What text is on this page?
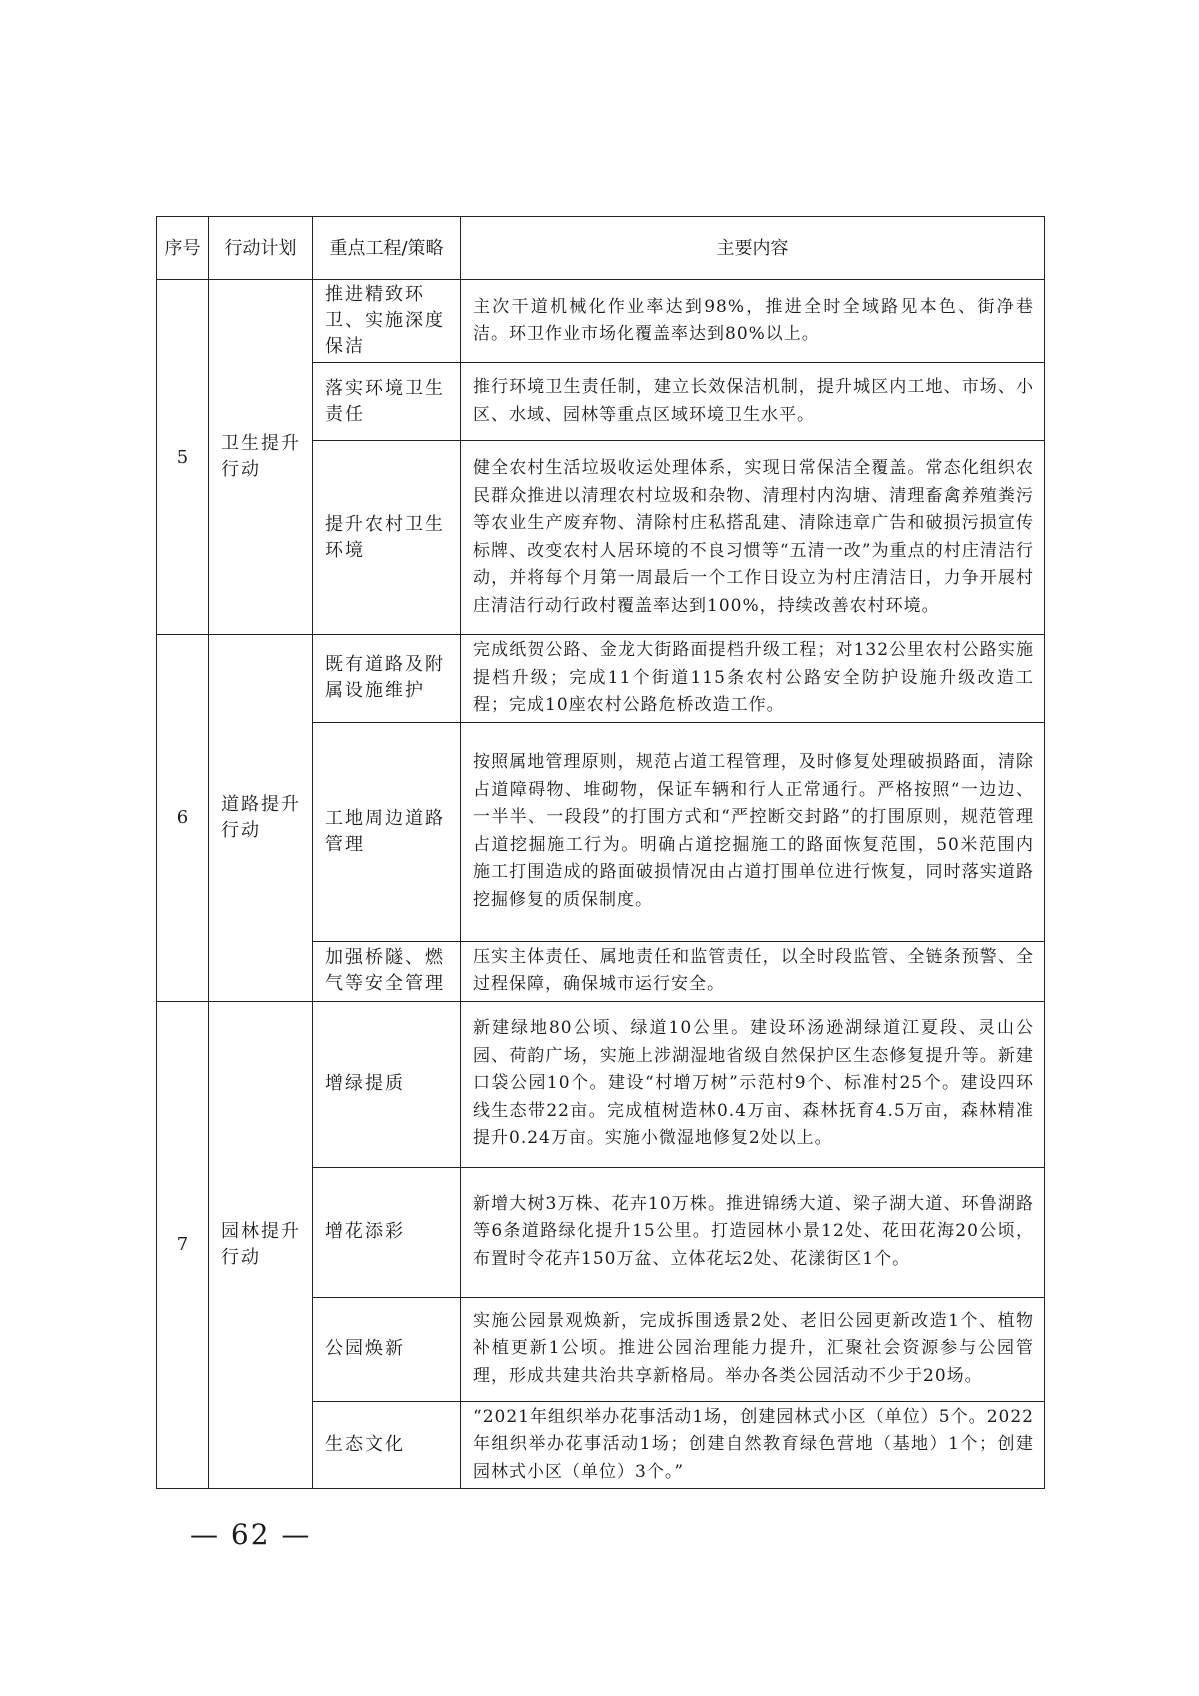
序号	行动计划	重点工程/策略	主要内容
5	卫生提升行动	推进精致环卫、实施深度保洁	主次干道机械化作业率达到98%，推进全时全域路见本色、街净巷洁。环卫作业市场化覆盖率达到80%以上。
		落实环境卫生责任	推行环境卫生责任制，建立长效保洁机制，提升城区内工地、市场、小区、水域、园林等重点区域环境卫生水平。
		提升农村卫生环境	健全农村生活垃圾收运处理体系，实现日常保洁全覆盖。常态化组织农民群众推进以清理农村垃圾和杂物、清理村内沟塘、清理畜禽养殖粪污等农业生产废弃物、清除村庄私搭乱建、清除违章广告和破损污损宣传标牌、改变农村人居环境的不良习惯等“五清一改”为重点的村庄清洁行动，并将每个月第一周最后一个工作日设立为村庄清洁日，力争开展村庄清洁行动行政村覆盖率达到100%，持续改善农村环境。
6	道路提升行动	既有道路及附属设施维护	完成纸贺公路、金龙大街路面提档升级工程；对132公里农村公路实施提档升级；完成11个街道115条农村公路安全防护设施升级改造工程；完成10座农村公路危桥改造工作。
		工地周边道路管理	按照属地管理原则，规范占道工程管理，及时修复处理破损路面，清除占道障碍物、堆砌物，保证车辆和行人正常通行。严格按照“一边边、一半半、一段段”的打围方式和“严控断交封路”的打围原则，规范管理占道挖掘施工行为。明确占道挖掘施工的路面恢复范围，50米范围内施工打围造成的路面破损情况由占道打围单位进行恢复，同时落实道路挖掘修复的质保制度。
		加强桥隧、燃气等安全管理	压实主体责任、属地责任和监管责任，以全时段监管、全链条预警、全过程保障，确保城市运行安全。
7	园林提升行动	增绿提质	新建绿地80公顷、绿道10公里。建设环汤逊湖绿道江夏段、灵山公园、荷韵广场，实施上涉湖湿地省级自然保护区生态修复提升等。新建口袋公园10个。建设“村增万树”示范村9个、标准村25个。建设四环线生态带22亩。完成植树造林0.4万亩、森林抚育4.5万亩，森林精准提升0.24万亩。实施小微湿地修复2处以上。
		增花添彩	新增大树3万株、花卉10万株。推进锦绣大道、梁子湖大道、环鲁湖路等6条道路绿化提升15公里。打造园林小景12处、花田花海20公顷，布置时令花卉150万盆、立体花坛2处、花漾街区1个。
		公园焕新	实施公园景观焕新，完成拆围透景2处、老旧公园更新改造1个、植物补植更新1公顷。推进公园治理能力提升，汇聚社会资源参与公园管理，形成共建共治共享新格局。举办各类公园活动不少于20场。
		生态文化	“2021年组织举办花事活动1场，创建园林式小区（单位）5个。2022年组织举办花事活动1场；创建自然教育绿色营地（基地）1个；创建园林式小区（单位）3个。”
— 62 —
